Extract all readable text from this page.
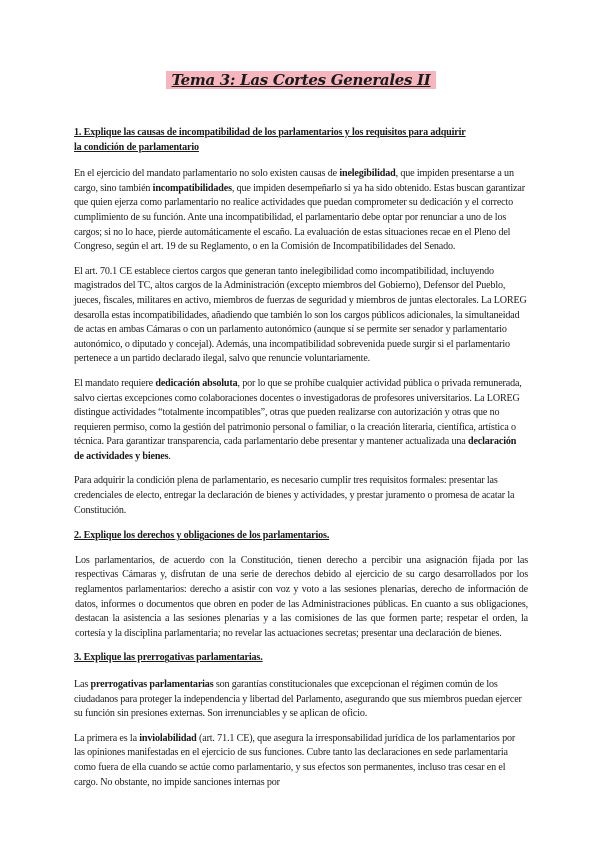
Tema 3: Las Cortes Generales II

1. Explique las causas de incompatibilidad de los parlamentarios y los requisitos para adquirir
la condición de parlamentario

En el ejercicio del mandato parlamentario no solo existen causas de inelegibilidad, que impiden presentarse a un cargo, sino también incompatibilidades, que impiden desempeñarlo si ya ha sido obtenido. Estas buscan garantizar que quien ejerza como parlamentario no realice actividades que puedan comprometer su dedicación y el correcto cumplimiento de su función. Ante una incompatibilidad, el parlamentario debe optar por renunciar a uno de los cargos; si no lo hace, pierde automáticamente el escaño. La evaluación de estas situaciones recae en el Pleno del Congreso, según el art. 19 de su Reglamento, o en la Comisión de Incompatibilidades del Senado.

El art. 70.1 CE establece ciertos cargos que generan tanto inelegibilidad como incompatibilidad, incluyendo magistrados del TC, altos cargos de la Administración (excepto miembros del Gobierno), Defensor del Pueblo, jueces, fiscales, militares en activo, miembros de fuerzas de seguridad y miembros de juntas electorales. La LOREG desarolla estas incompatibilidades, añadiendo que también lo son los cargos públicos adicionales, la simultaneidad de actas en ambas Cámaras o con un parlamento autonómico (aunque sí se permite ser senador y parlamentario autonómico, o diputado y concejal). Además, una incompatibilidad sobrevenida puede surgir si el parlamentario pertenece a un partido declarado ilegal, salvo que renuncie voluntariamente.

El mandato requiere dedicación absoluta, por lo que se prohíbe cualquier actividad pública o privada remunerada, salvo ciertas excepciones como colaboraciones docentes o investigadoras de profesores universitarios. La LOREG distingue actividades “totalmente incompatibles”, otras que pueden realizarse con autorización y otras que no requieren permiso, como la gestión del patrimonio personal o familiar, o la creación literaria, científica, artística o técnica. Para garantizar transparencia, cada parlamentario debe presentar y mantener actualizada una declaración de actividades y bienes.

Para adquirir la condición plena de parlamentario, es necesario cumplir tres requisitos formales: presentar las credenciales de electo, entregar la declaración de bienes y actividades, y prestar juramento o promesa de acatar la Constitución.

2. Explique los derechos y obligaciones de los parlamentarios.

Los parlamentarios, de acuerdo con la Constitución, tienen derecho a percibir una asignación fijada por las respectivas Cámaras y, disfrutan de una serie de derechos debido al ejercicio de su cargo desarrollados por los reglamentos parlamentarios: derecho a asistir con voz y voto a las sesiones plenarias, derecho de información de datos, informes o documentos que obren en poder de las Administraciones públicas. En cuanto a sus obligaciones, destacan la asistencia a las sesiones plenarias y a las comisiones de las que formen parte; respetar el orden, la cortesía y la disciplina parlamentaria; no revelar las actuaciones secretas; presentar una declaración de bienes.

3. Explique las prerrogativas parlamentarias.

Las prerrogativas parlamentarias son garantías constitucionales que excepcionan el régimen común de los ciudadanos para proteger la independencia y libertad del Parlamento, asegurando que sus miembros puedan ejercer su función sin presiones externas. Son irrenunciables y se aplican de oficio.

La primera es la inviolabilidad (art. 71.1 CE), que asegura la irresponsabilidad jurídica de los parlamentarios por las opiniones manifestadas en el ejercicio de sus funciones. Cubre tanto las declaraciones en sede parlamentaria como fuera de ella cuando se actúe como parlamentario, y sus efectos son permanentes, incluso tras cesar en el cargo. No obstante, no impide sanciones internas por
